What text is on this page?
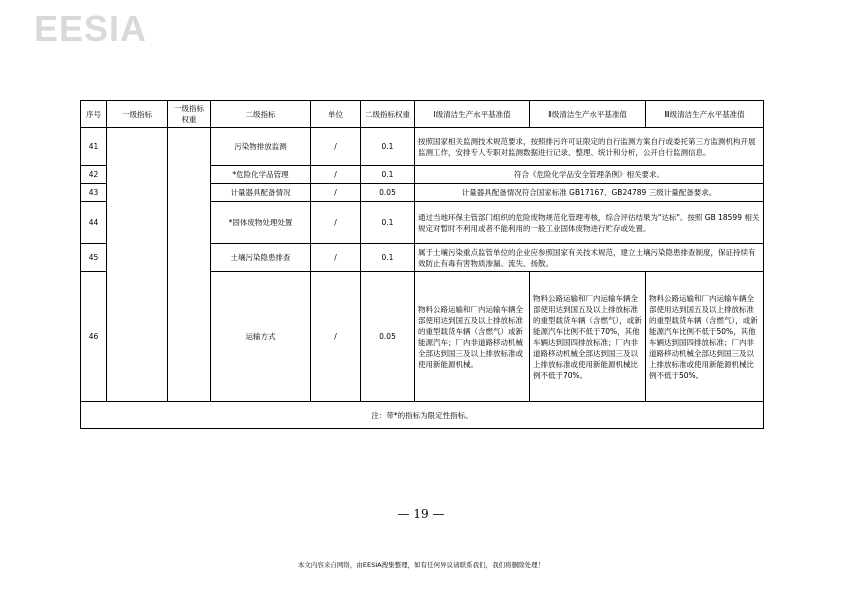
EESIA
序号	一级指标	一级指标权重	二级指标	单位	二级指标权重	Ⅰ级清洁生产水平基准值	Ⅱ级清洁生产水平基准值	Ⅲ级清洁生产水平基准值
41			污染物排放监测	/	0.1	按照国家相关监测技术规范要求，按照排污许可证限定的自行监测方案自行或委托第三方监测机构开展监测工作，安排专人专职对监测数据进行记录、整理、统计和分析，公开自行监测信息。		
42			*危险化学品管理	/	0.1	符合《危险化学品安全管理条例》相关要求。		
43			计量器具配备情况	/	0.05	计量器具配备情况符合国家标准 GB17167、GB24789 三级计量配备要求。		
44			*固体废物处理处置	/	0.1	通过当地环保主管部门组织的危险废物规范化管理考核，综合评估结果为"达标"。按照 GB 18599 相关规定对暂时不利用或者不能利用的一般工业固体废物进行贮存或处置。		
45			土壤污染隐患排查	/	0.1	属于土壤污染重点监管单位的企业应参照国家有关技术规范，建立土壤污染隐患排查制度，保证持续有效防止有毒有害物质渗漏、流失、扬散。		
46			运输方式	/	0.05	物料公路运输和厂内运输车辆全部使用达到国五及以上排放标准的重型载货车辆（含燃气）或新能源汽车；厂内非道路移动机械全部达到国三及以上排放标准或使用新能源机械。	物料公路运输和厂内运输车辆全部使用达到国五及以上排放标准的重型载货车辆（含燃气），或新能源汽车比例不低于70%，其他车辆达到国四排放标准；厂内非道路移动机械全部达到国三及以上排放标准或使用新能源机械比例不低于70%。	物料公路运输和厂内运输车辆全部使用达到国五及以上排放标准的重型载货车辆（含燃气），或新能源汽车比例不低于50%，其他车辆达到国四排放标准；厂内非道路移动机械全部达到国三及以上排放标准或使用新能源机械比例不低于50%。
注：带*的指标为限定性指标。								
— 19 —
本文内容来自网络，由EESIA搜集整理，如有任何异议请联系我们，我们将删除处理！
